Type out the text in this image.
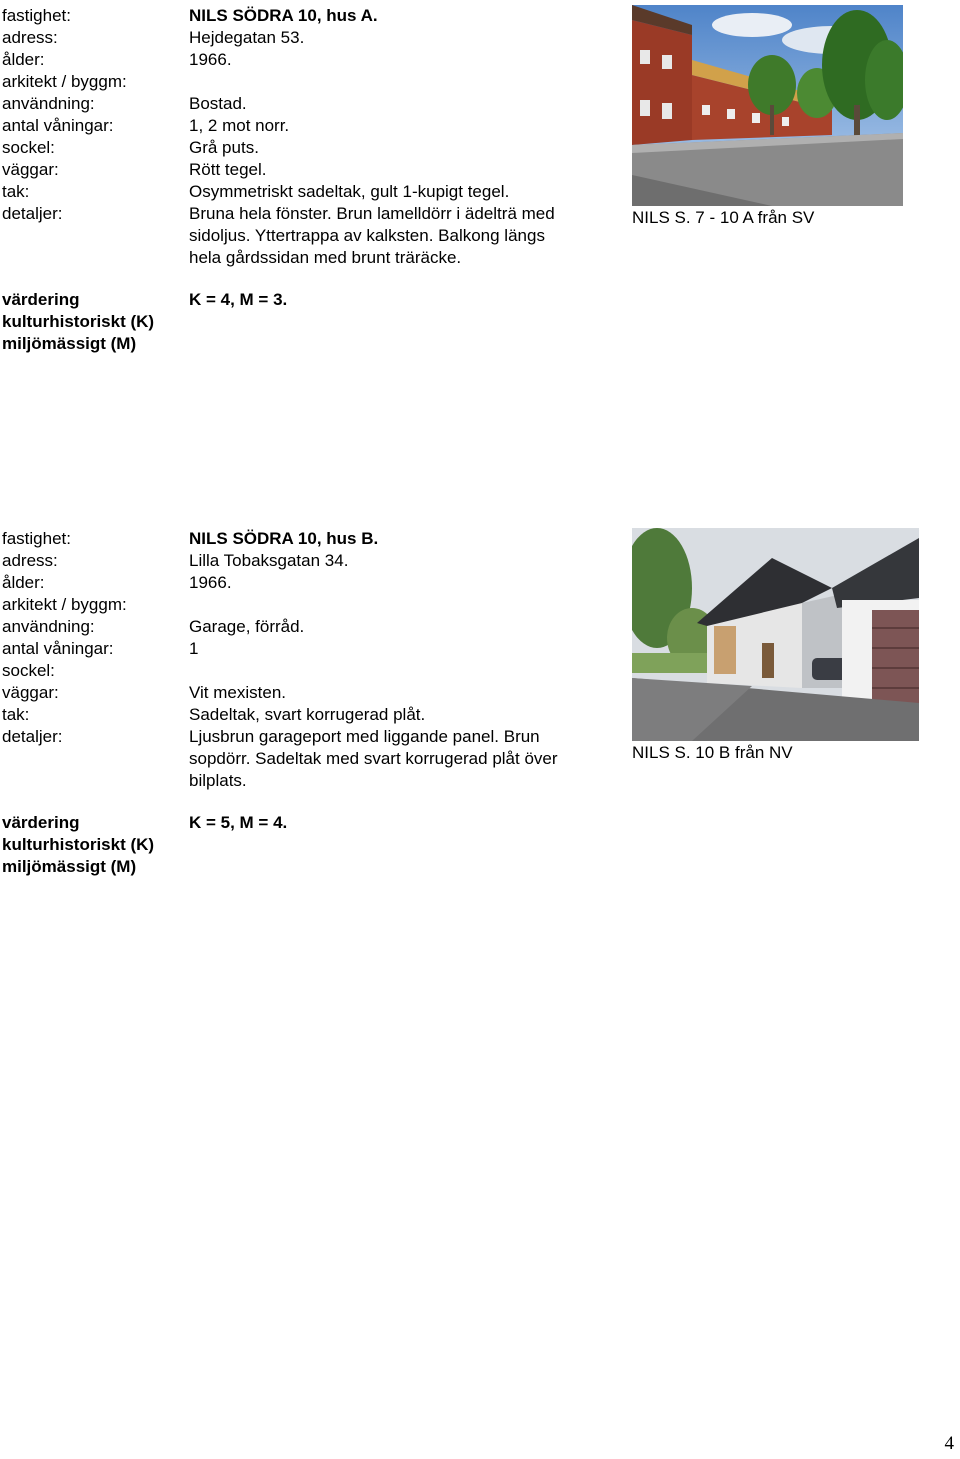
fastighet:	NILS SÖDRA 10, hus A.
adress:	Hejdegatan 53.
ålder:	1966.
arkitekt / byggm:
användning:	Bostad.
antal våningar:	1, 2 mot norr.
sockel:	Grå puts.
väggar:	Rött tegel.
tak:	Osymmetriskt sadeltak, gult 1-kupigt tegel.
detaljer:	Bruna hela fönster. Brun lamelldörr i ädelträ med
sidoljus. Yttertrappa av kalksten. Balkong längs
hela gårdssidan med brunt träräcke.
värdering	K = 4, M = 3.
kulturhistoriskt (K)
miljömässigt (M)
NILS S. 7 - 10 A från SV
fastighet:	NILS SÖDRA 10, hus B.
adress:	Lilla Tobaksgatan 34.
ålder:	1966.
arkitekt / byggm:
användning:	Garage, förråd.
antal våningar:	1
sockel:
väggar:	Vit mexisten.
tak:	Sadeltak, svart korrugerad plåt.
detaljer:	Ljusbrun garageport med liggande panel. Brun
sopdörr. Sadeltak med svart korrugerad plåt över
bilplats.
värdering	K = 5, M = 4.
kulturhistoriskt (K)
miljömässigt (M)
NILS S. 10 B från NV
4
